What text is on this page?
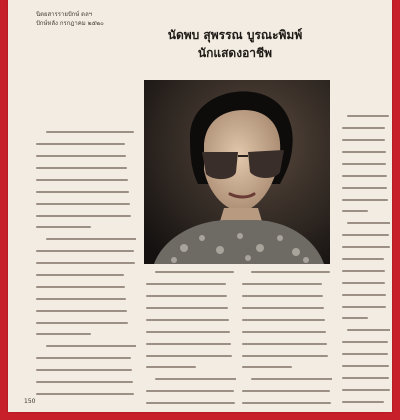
นิตยสารรายปักษ์ ดลฯ
ปักษ์หลัง กรกฎาคม ๒๕๒๐
นัดพบ สุพรรณ บูรณะพิมพ์
นักแสดงอาชีพ
150
